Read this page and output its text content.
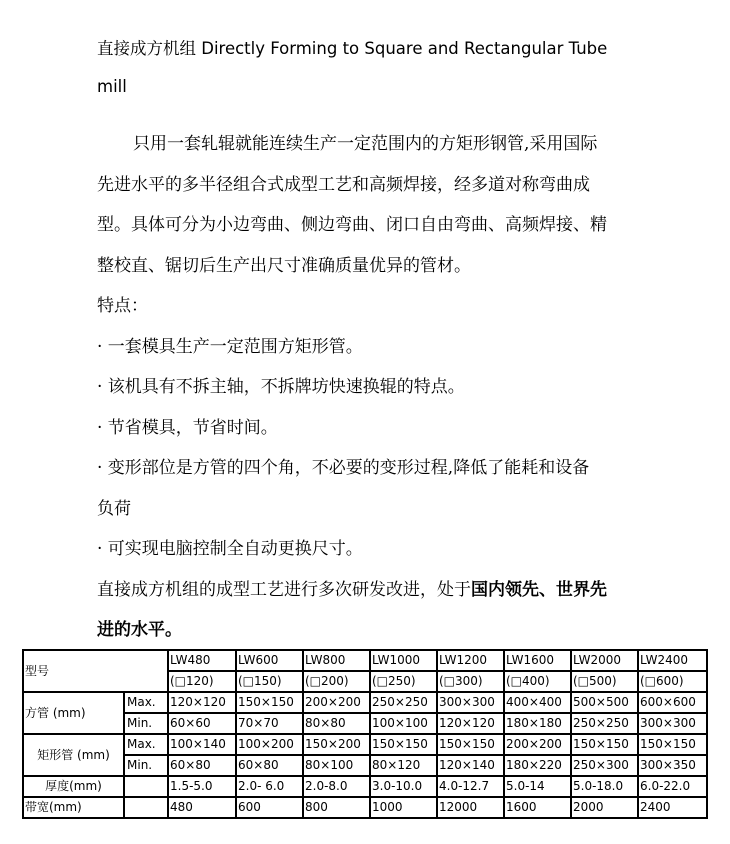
直接成方机组 Directly Forming to Square and Rectangular Tube
mill
只用一套轧辊就能连续生产一定范围内的方矩形钢管,采用国际
先进水平的多半径组合式成型工艺和高频焊接，经多道对称弯曲成
型。具体可分为小边弯曲、侧边弯曲、闭口自由弯曲、高频焊接、精
整校直、锯切后生产出尺寸准确质量优异的管材。
特点：
· 一套模具生产一定范围方矩形管。
· 该机具有不拆主轴，不拆牌坊快速换辊的特点。
· 节省模具，节省时间。
· 变形部位是方管的四个角，不必要的变形过程,降低了能耗和设备
负荷
· 可实现电脑控制全自动更换尺寸。
直接成方机组的成型工艺进行多次研发改进，处于国内领先、世界先
进的水平。
型号		LW480	LW600	LW800	LW1000	LW1200	LW1600	LW2000	LW2400
		(□120)	(□150)	(□200)	(□250)	(□300)	(□400)	(□500)	(□600)
方管 (mm)	Max.	120×120	150×150	200×200	250×250	300×300	400×400	500×500	600×600
	Min.	60×60	70×70	80×80	100×100	120×120	180×180	250×250	300×300
矩形管 (mm)	Max.	100×140	100×200	150×200	150×150	150×150	200×200	150×150	150×150
	Min.	60×80	60×80	80×100	80×120	120×140	180×220	250×300	300×350
厚度(mm)		1.5-5.0	2.0- 6.0	2.0-8.0	3.0-10.0	4.0-12.7	5.0-14	5.0-18.0	6.0-22.0
带宽(mm)		480	600	800	1000	12000	1600	2000	2400
